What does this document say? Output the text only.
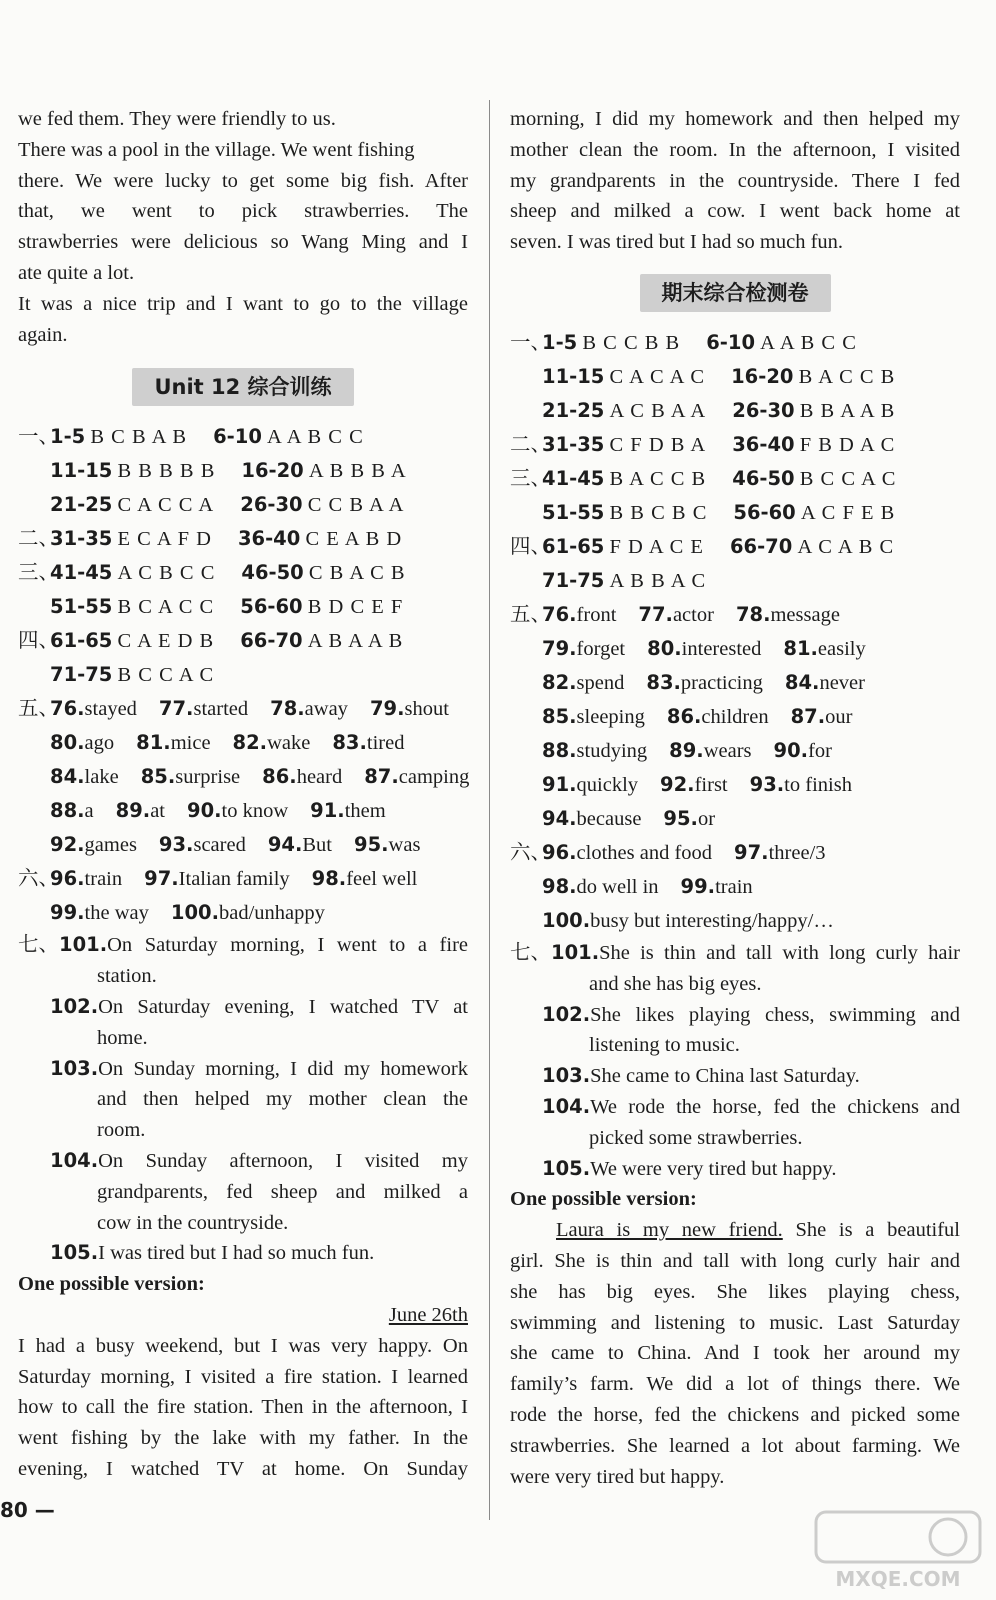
we fed them. They were friendly to us.
There was a pool in the village. We went fishing
there. We were lucky to get some big fish. After
that, we went to pick strawberries. The
strawberries were delicious so Wang Ming and I
ate quite a lot.
It was a nice trip and I want to go to the village
again.
Unit 12 综合训练
一、1-5 B C B A B 6-10 A A B C C
11-15 B B B B B 16-20 A B B B A
21-25 C A C C A 26-30 C C B A A
二、31-35 E C A F D 36-40 C E A B D
三、41-45 A C B C C 46-50 C B A C B
51-55 B C A C C 56-60 B D C E F
四、61-65 C A E D B 66-70 A B A A B
71-75 B C C A C
五、76.stayed 77.started 78.away 79.shout
80.ago 81.mice 82.wake 83.tired
84.lake 85.surprise 86.heard 87.camping
88.a 89.at 90.to know 91.them
92.games 93.scared 94.But 95.was
六、96.train 97.Italian family 98.feel well
99.the way 100.bad/unhappy
七、 101. On Saturday morning, I went to a fire
station.
102. On Saturday evening, I watched TV at
home.
103. On Sunday morning, I did my homework
and then helped my mother clean the
room.
104. On Sunday afternoon, I visited my
grandparents, fed sheep and milked a
cow in the countryside.
105. I was tired but I had so much fun.
One possible version:
June 26th
I had a busy weekend, but I was very happy. On
Saturday morning, I visited a fire station. I learned
how to call the fire station. Then in the afternoon, I
went fishing by the lake with my father. In the
evening, I watched TV at home. On Sunday
morning, I did my homework and then helped my
mother clean the room. In the afternoon, I visited
my grandparents in the countryside. There I fed
sheep and milked a cow. I went back home at
seven. I was tired but I had so much fun.
期末综合检测卷
一、1-5 B C C B B 6-10 A A B C C
11-15 C A C A C 16-20 B A C C B
21-25 A C B A A 26-30 B B A A B
二、31-35 C F D B A 36-40 F B D A C
三、41-45 B A C C B 46-50 B C C A C
51-55 B B C B C 56-60 A C F E B
四、61-65 F D A C E 66-70 A C A B C
71-75 A B B A C
五、76.front 77.actor 78.message
79.forget 80.interested 81.easily
82.spend 83.practicing 84.never
85.sleeping 86.children 87.our
88.studying 89.wears 90.for
91.quickly 92.first 93.to finish
94.because 95.or
六、96.clothes and food 97.three/3
98.do well in 99.train
100.busy but interesting/happy/…
七、 101. She is thin and tall with long curly hair
and she has big eyes.
102. She likes playing chess, swimming and
listening to music.
103. She came to China last Saturday.
104. We rode the horse, fed the chickens and
picked some strawberries.
105. We were very tired but happy.
One possible version:
Laura is my new friend. She is a beautiful
girl. She is thin and tall with long curly hair and
she has big eyes. She likes playing chess,
swimming and listening to music. Last Saturday
she came to China. And I took her around my
family’s farm. We did a lot of things there. We
rode the horse, fed the chickens and picked some
strawberries. She learned a lot about farming. We
were very tired but happy.
80 —
MXQE.COM
